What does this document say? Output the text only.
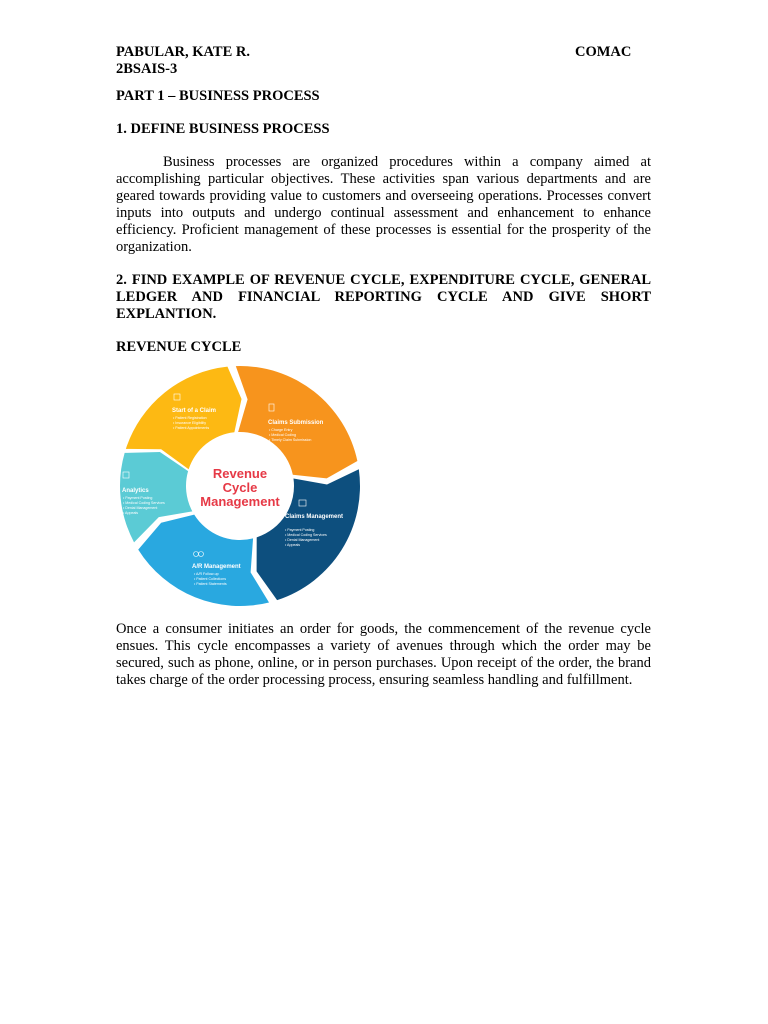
PABULAR, KATE R.	COMAC
2BSAIS-3
PART 1 – BUSINESS PROCESS
1. DEFINE BUSINESS PROCESS
Business processes are organized procedures within a company aimed at accomplishing particular objectives. These activities span various departments and are geared towards providing value to customers and overseeing operations. Processes convert inputs into outputs and undergo continual assessment and enhancement to enhance efficiency. Proficient management of these processes is essential for the prosperity of the organization.
2. FIND EXAMPLE OF REVENUE CYCLE, EXPENDITURE CYCLE, GENERAL LEDGER AND FINANCIAL REPORTING CYCLE AND GIVE SHORT EXPLANTION.
REVENUE CYCLE
Revenue
Cycle
Management
Start of a Claim
• Patient Registration
• Insurance Eligibility
• Patient Appointments
Claims Submission
• Charge Entry
• Medical Coding
• Timely Claim Submission
Claims Management
• Payment Posting
• Medical Coding Services
• Denial Management
• Appeals
A/R Management
• A/R Follow-up
• Patient Collections
• Patient Statements
Analytics
• Payment Posting
• Medical Coding Services
• Denial Management
• Appeals
Once a consumer initiates an order for goods, the commencement of the revenue cycle ensues. This cycle encompasses a variety of avenues through which the order may be secured, such as phone, online, or in person purchases. Upon receipt of the order, the brand takes charge of the order processing process, ensuring seamless handling and fulfillment.
